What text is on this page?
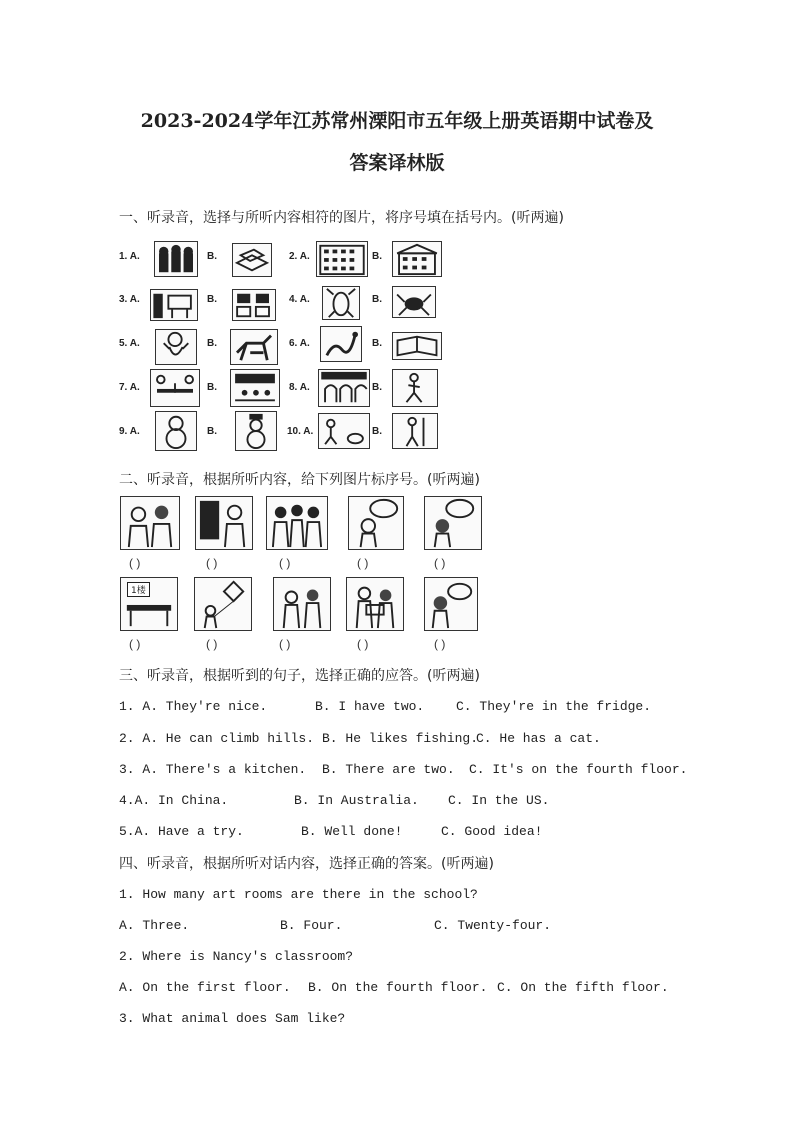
2023-2024学年江苏常州溧阳市五年级上册英语期中试卷及
答案译林版
一、听录音，选择与所听内容相符的图片，将序号填在括号内。(听两遍)
1. A.	B.	2. A.	B.
3. A.	B.	4. A.	B.
5. A.	B.	6. A.	B.
7. A.	B.	8. A.	B.
9. A.	B.	10. A.	B.
二、听录音，根据所听内容，给下列图片标序号。(听两遍)
( )	( )	( )	( )	( )
1楼
( )	( )	( )	( )	( )
三、听录音，根据听到的句子，选择正确的应答。(听两遍)
1. A. They're nice.	B. I have two. C. They're in the fridge.
2. A. He can climb hills. B. He likes fishing.
C. He has a cat.
3. A. There's a kitchen. B. There are two. C. It's on the fourth floor.
4.A. In China.	B. In Australia. C. In the US.
5.A. Have a try.	B. Well done!	C. Good idea!
四、听录音，根据所听对话内容，选择正确的答案。(听两遍)
1. How many art rooms are there in the school?
A. Three.	B. Four.	C. Twenty-four.
2. Where is Nancy's classroom?
A. On the first floor. B. On the fourth floor. C. On the fifth floor.
3. What animal does Sam like?
